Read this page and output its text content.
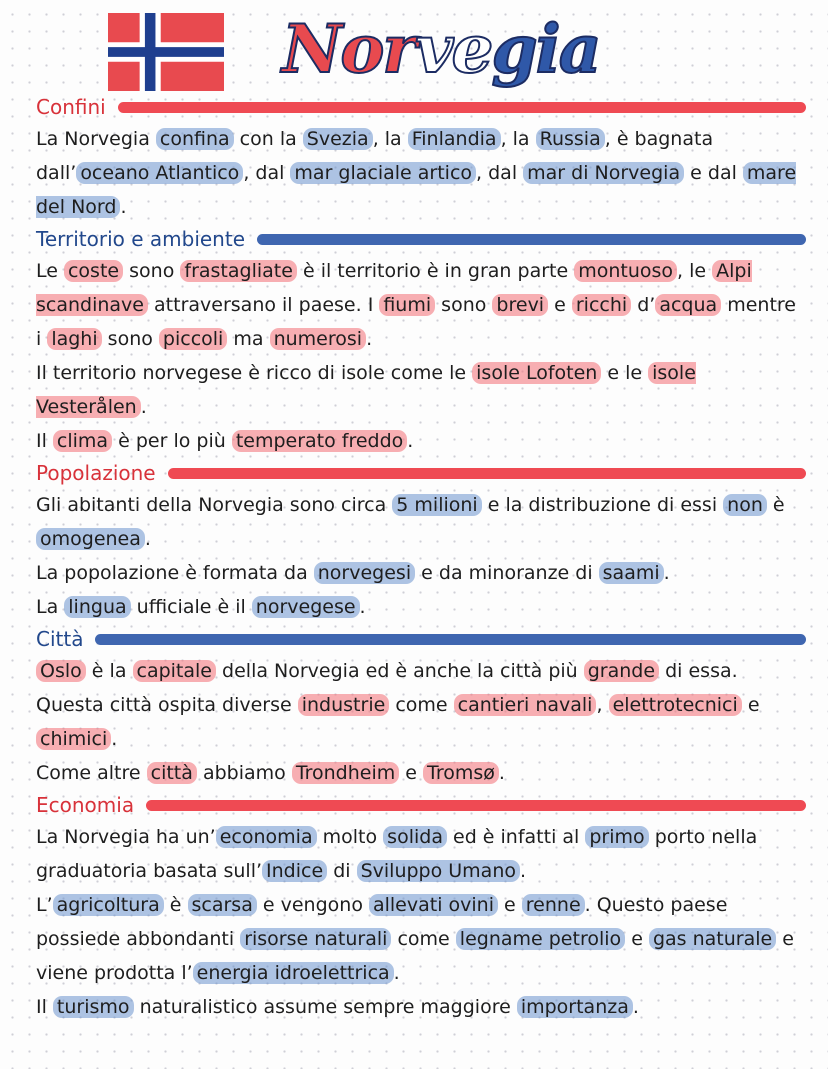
Norvegia
Confini

La Norvegia confina con la Svezia , la Finlandia , la Russia , è bagnata dall’ oceano Atlantico , dal mar glaciale artico , dal mar di Norvegia e dal mare del Nord .

Territorio e ambiente

Le coste sono frastagliate è il territorio è in gran parte montuoso , le Alpi scandinave attraversano il paese. I fiumi sono brevi e ricchi d’ acqua mentre i laghi sono piccoli ma numerosi .

Il territorio norvegese è ricco di isole come le isole Lofoten e le isole Vesterålen .

Il clima è per lo più temperato freddo .

Popolazione

Gli abitanti della Norvegia sono circa 5 milioni e la distribuzione di essi non è omogenea .

La popolazione è formata da norvegesi e da minoranze di saami .

La lingua ufficiale è il norvegese .

Città

Oslo è la capitale della Norvegia ed è anche la città più grande di essa. Questa città ospita diverse industrie come cantieri navali , elettrotecnici e chimici .

Come altre città abbiamo Trondheim e Tromsø .

Economia

La Norvegia ha un’ economia molto solida ed è infatti al primo porto nella graduatoria basata sull’ Indice di Sviluppo Umano .

L’ agricoltura è scarsa e vengono allevati ovini e renne . Questo paese possiede abbondanti risorse naturali come legname petrolio e gas naturale e viene prodotta l’ energia idroelettrica .

Il turismo naturalistico assume sempre maggiore importanza .
